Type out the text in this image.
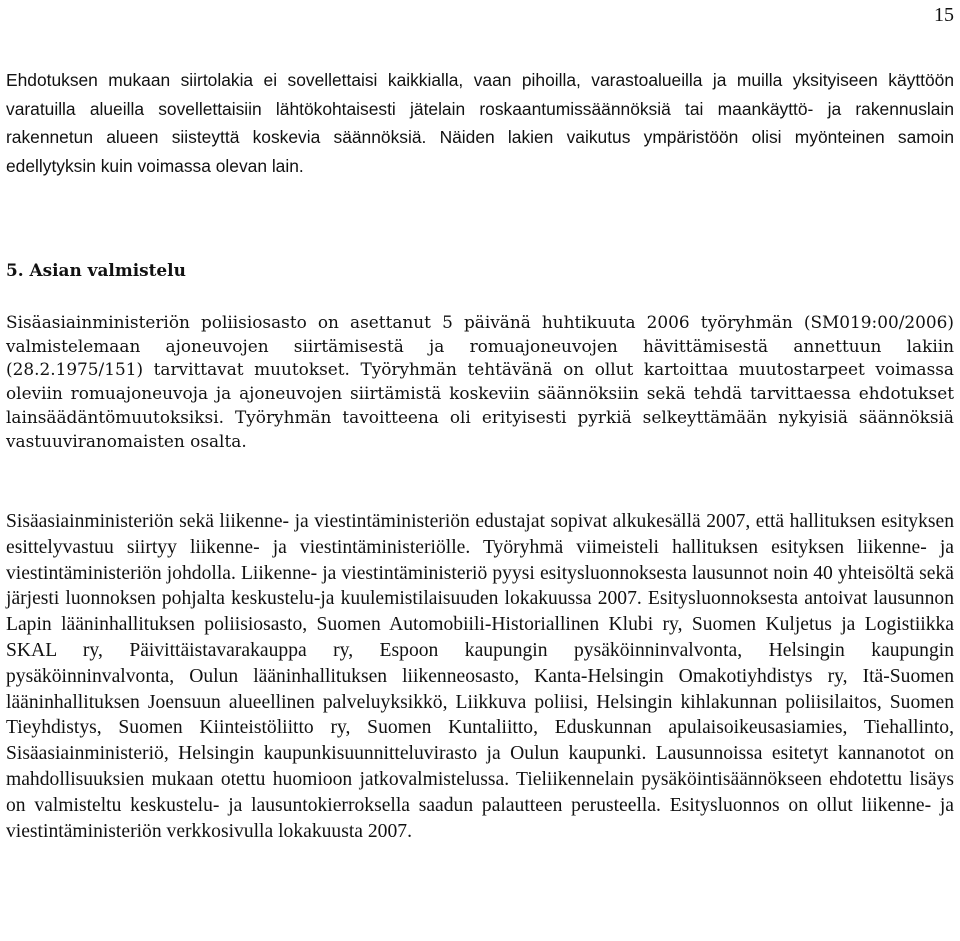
15

Ehdotuksen mukaan siirtolakia ei sovellettaisi kaikkialla, vaan pihoilla, varastoalueilla ja muilla yksityiseen käyttöön varatuilla alueilla sovellettaisiin lähtökohtaisesti jätelain roskaantumissäännöksiä tai maankäyttö- ja rakennuslain rakennetun alueen siisteyttä koskevia säännöksiä. Näiden lakien vaikutus ympäristöön olisi myönteinen samoin edellytyksin kuin voimassa olevan lain.

5. Asian valmistelu

Sisäasiainministeriön poliisiosasto on asettanut 5 päivänä huhtikuuta 2006 työryhmän (SM019:00/2006) valmistelemaan ajoneuvojen siirtämisestä ja romuajoneuvojen hävittämisestä annettuun lakiin (28.2.1975/151) tarvittavat muutokset. Työryhmän tehtävänä on ollut kartoittaa muutostarpeet voimassa oleviin romuajoneuvoja ja ajoneuvojen siirtämistä koskeviin säännöksiin sekä tehdä tarvittaessa ehdotukset lainsäädäntömuutoksiksi. Työryhmän tavoitteena oli erityisesti pyrkiä selkeyttämään nykyisiä säännöksiä vastuuviranomaisten osalta.

Sisäasiainministeriön sekä liikenne- ja viestintäministeriön edustajat sopivat alkukesällä 2007, että hallituksen esityksen esittelyvastuu siirtyy liikenne- ja viestintäministeriölle. Työryhmä viimeisteli hallituksen esityksen liikenne- ja viestintäministeriön johdolla. Liikenne- ja viestintäministeriö pyysi esitysluonnoksesta lausunnot noin 40 yhteisöltä sekä järjesti luonnoksen pohjalta keskustelu-ja kuulemistilaisuuden lokakuussa 2007. Esitysluonnoksesta antoivat lausunnon Lapin lääninhallituksen poliisiosasto, Suomen Automobiili-Historiallinen Klubi ry, Suomen Kuljetus ja Logistiikka SKAL ry, Päivittäistavarakauppa ry, Espoon kaupungin pysäköinninvalvonta, Helsingin kaupungin pysäköinninvalvonta, Oulun lääninhallituksen liikenneosasto, Kanta-Helsingin Omakotiyhdistys ry, Itä-Suomen lääninhallituksen Joensuun alueellinen palveluyksikkö, Liikkuva poliisi, Helsingin kihlakunnan poliisilaitos, Suomen Tieyhdistys, Suomen Kiinteistöliitto ry, Suomen Kuntaliitto, Eduskunnan apulaisoikeusasiamies, Tiehallinto, Sisäasiainministeriö, Helsingin kaupunkisuunnitteluvirasto ja Oulun kaupunki. Lausunnoissa esitetyt kannanotot on mahdollisuuksien mukaan otettu huomioon jatkovalmistelussa. Tieliikennelain pysäköintisäännökseen ehdotettu lisäys on valmisteltu keskustelu- ja lausuntokierroksella saadun palautteen perusteella. Esitysluonnos on ollut liikenne- ja viestintäministeriön verkkosivulla lokakuusta 2007.
